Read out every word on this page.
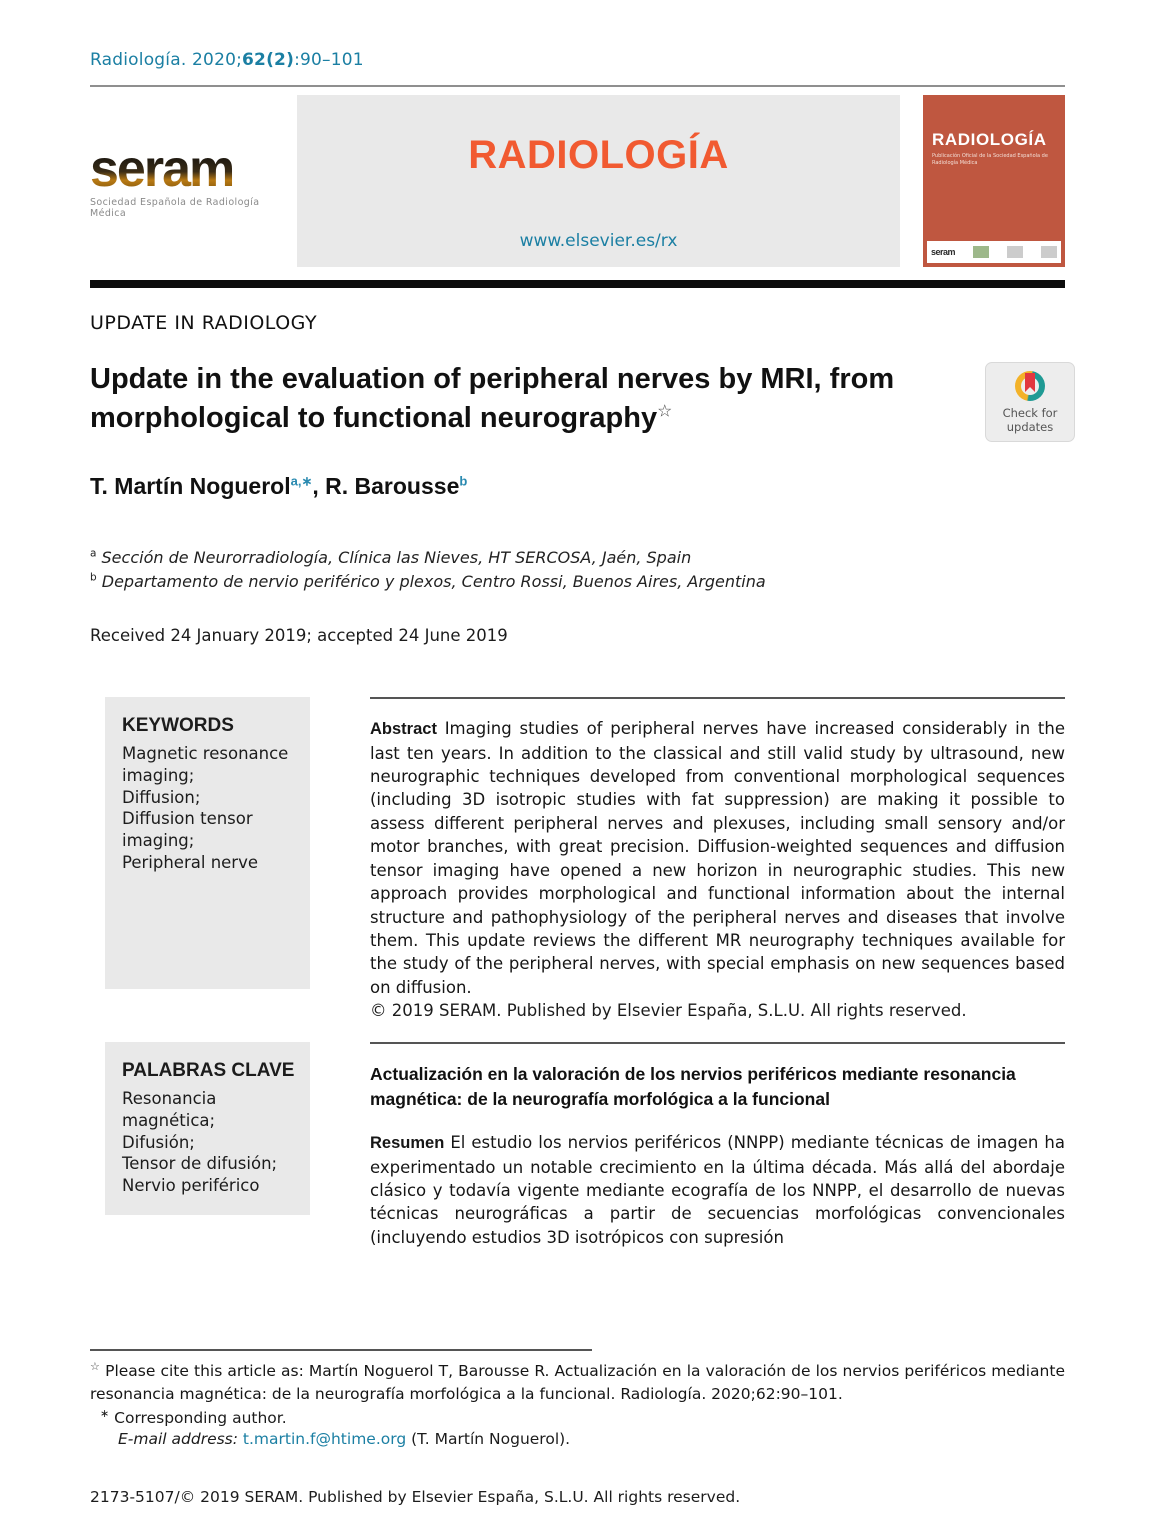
Radiología. 2020;62(2):90–101
seram
Sociedad Española de Radiología Médica
RADIOLOGÍA
www.elsevier.es/rx

RADIOLOGÍA
Publicación Oficial de la Sociedad Española de Radiología Médica

seram
UPDATE IN RADIOLOGY
Update in the evaluation of peripheral nerves by MRI, from morphological to functional neurography☆	Check for
updates
T. Martín Noguerol$^{a,∗}$, R. Barousse$^b$
$^a$ Sección de Neurorradiología, Clínica las Nieves, HT SERCOSA, Jaén, Spain
$^b$ Departamento de nervio periférico y plexos, Centro Rossi, Buenos Aires, Argentina
Received 24 January 2019; accepted 24 June 2019
KEYWORDS
Magnetic resonance imaging;
Diffusion;
Diffusion tensor imaging;
Peripheral nerve
Abstract Imaging studies of peripheral nerves have increased considerably in the last ten years. In addition to the classical and still valid study by ultrasound, new neurographic techniques developed from conventional morphological sequences (including 3D isotropic studies with fat suppression) are making it possible to assess different peripheral nerves and plexuses, including small sensory and/or motor branches, with great precision. Diffusion-weighted sequences and diffusion tensor imaging have opened a new horizon in neurographic studies. This new approach provides morphological and functional information about the internal structure and pathophysiology of the peripheral nerves and diseases that involve them. This update reviews the different MR neurography techniques available for the study of the peripheral nerves, with special emphasis on new sequences based on diffusion.
© 2019 SERAM. Published by Elsevier España, S.L.U. All rights reserved.
PALABRAS CLAVE
Resonancia magnética;
Difusión;
Tensor de difusión;
Nervio periférico
Actualización en la valoración de los nervios periféricos mediante resonancia magnética: de la neurografía morfológica a la funcional
Resumen El estudio los nervios periféricos (NNPP) mediante técnicas de imagen ha experimentado un notable crecimiento en la última década. Más allá del abordaje clásico y todavía vigente mediante ecografía de los NNPP, el desarrollo de nuevas técnicas neurográficas a partir de secuencias morfológicas convencionales (incluyendo estudios 3D isotrópicos con supresión
☆ Please cite this article as: Martín Noguerol T, Barousse R. Actualización en la valoración de los nervios periféricos mediante resonancia magnética: de la neurografía morfológica a la funcional. Radiología. 2020;62:90–101.
∗ Corresponding author.
E-mail address: t.martin.f@htime.org (T. Martín Noguerol).
2173-5107/© 2019 SERAM. Published by Elsevier España, S.L.U. All rights reserved.
